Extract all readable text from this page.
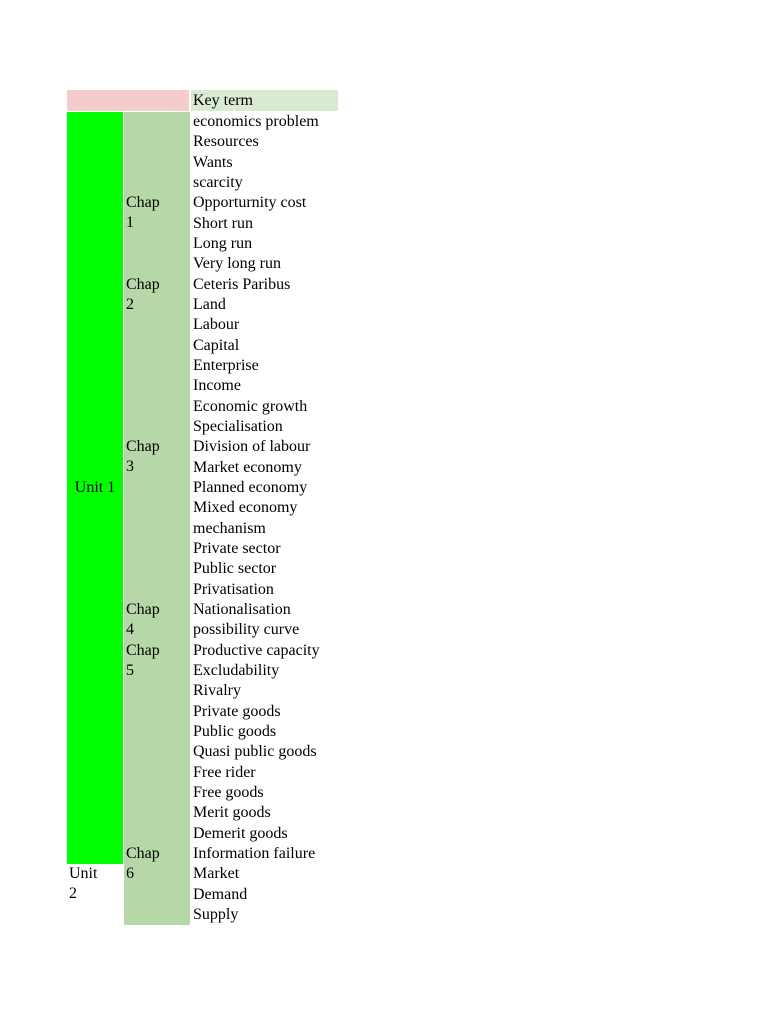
Key term
economics problem
Resources
Wants
scarcity
Opporturnity cost
Short run
Long run
Very long run
Ceteris Paribus
Land
Labour
Capital
Enterprise
Income
Economic growth
Specialisation
Division of labour
Market economy
Planned economy
Mixed economy
mechanism
Private sector
Public sector
Privatisation
Nationalisation
possibility curve
Productive capacity
Excludability
Rivalry
Private goods
Public goods
Quasi public goods
Free rider
Free goods
Merit goods
Demerit goods
Information failure
Market
Demand
Supply
Chap 1
Chap 2
Chap 3
Chap 4
Chap 5
Chap 6
Unit 1
Unit 2
